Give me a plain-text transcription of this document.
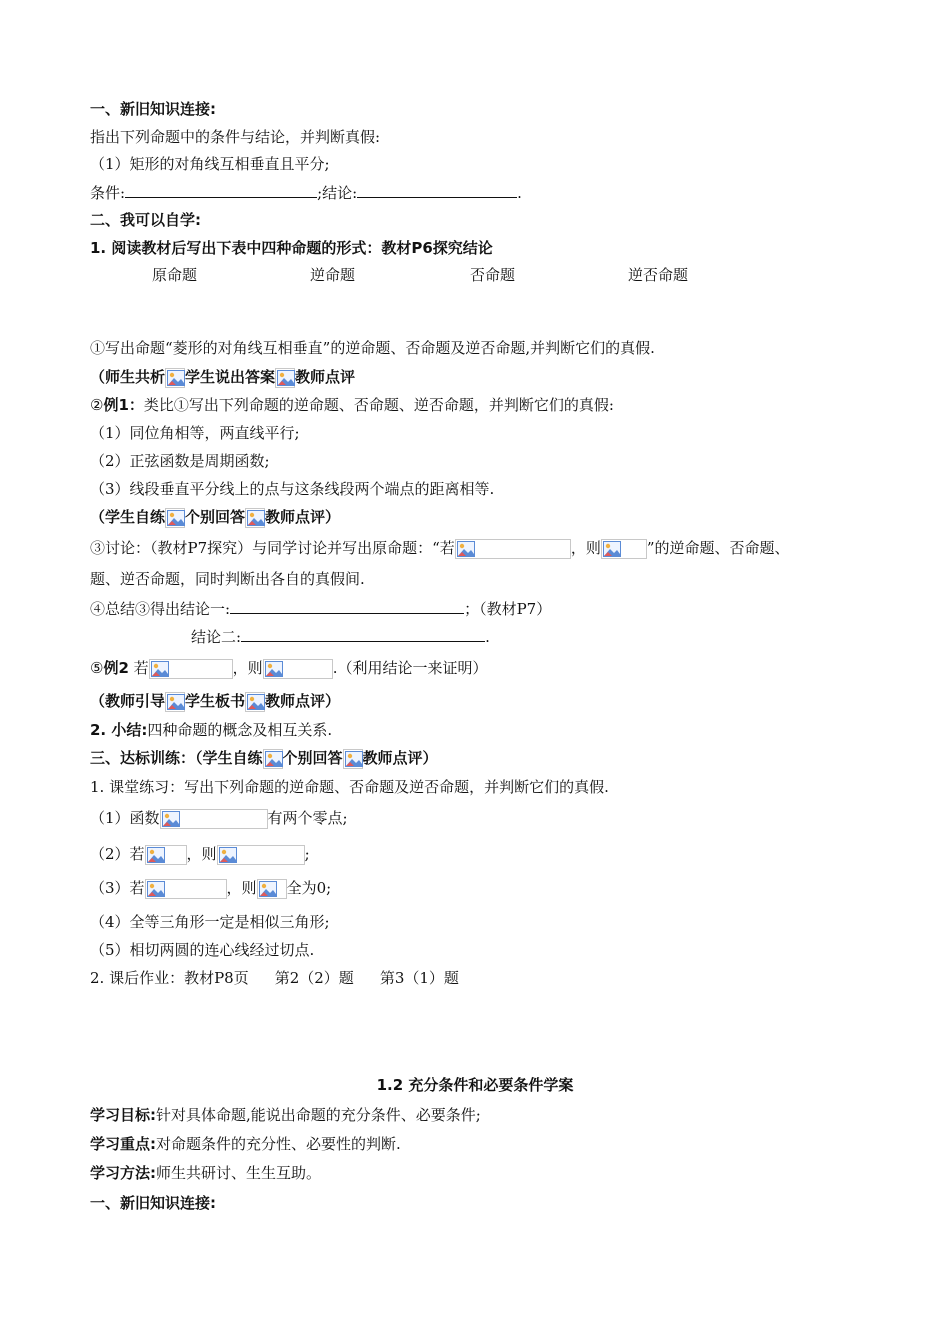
一、新旧知识连接:
指出下列命题中的条件与结论，并判断真假:
（1）矩形的对角线互相垂直且平分;
条件:	;结论:	.
二、我可以自学:
1. 阅读教材后写出下表中四种命题的形式：教材P6探究结论
原命题	逆命题	否命题	逆否命题
①写出命题“菱形的对角线互相垂直”的逆命题、否命题及逆否命题,并判断它们的真假.
（师生共析 学生说出答案 教师点评
②例1：类比①写出下列命题的逆命题、否命题、逆否命题，并判断它们的真假:
（1）同位角相等，两直线平行;
（2）正弦函数是周期函数;
（3）线段垂直平分线上的点与这条线段两个端点的距离相等.
（学生自练 个别回答 教师点评）
③讨论：（教材P7探究）与同学讨论并写出原命题：“若	，则	”的逆命题、否命题、
题、逆否命题，同时判断出各自的真假间.
④总结③得出结论一:	；（教材P7）
结论二:	.
⑤例2 若	，则	.（利用结论一来证明）
（教师引导 学生板书 教师点评）
2. 小结:四种命题的概念及相互关系.
三、达标训练：（学生自练 个别回答 教师点评）
1. 课堂练习：写出下列命题的逆命题、否命题及逆否命题，并判断它们的真假.
（1）函数	有两个零点;
（2）若	，则	;
（3）若	，则 全为0;
（4）全等三角形一定是相似三角形;
（5）相切两圆的连心线经过切点.
2. 课后作业：教材P8页 第2（2）题 第3（1）题
1.2 充分条件和必要条件学案
学习目标:针对具体命题,能说出命题的充分条件、必要条件;
学习重点:对命题条件的充分性、必要性的判断.
学习方法:师生共研讨、生生互助。
一、新旧知识连接:
